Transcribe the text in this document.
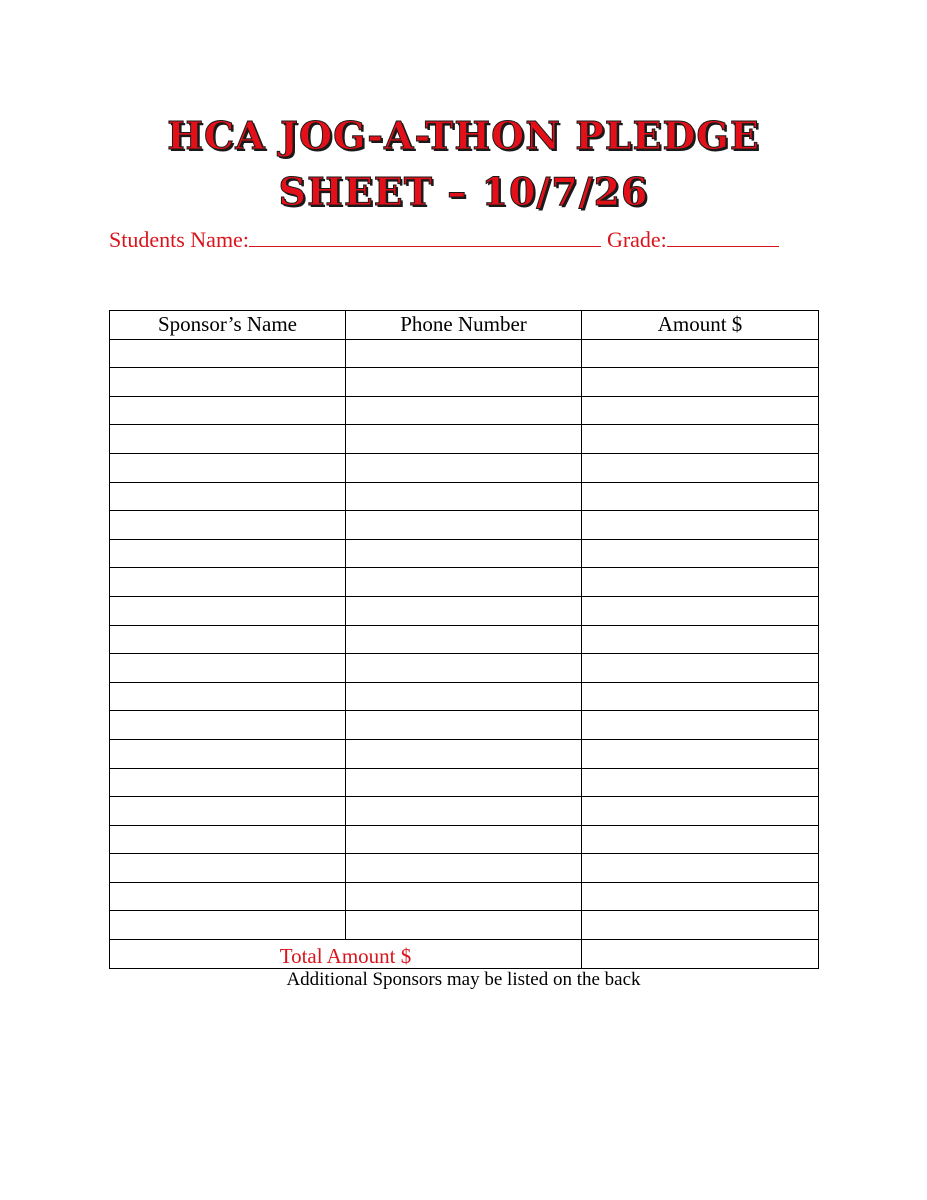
HCA JOG-A-THON PLEDGE
SHEET – 10/7/26
Students Name:	Grade:
Sponsor’s Name	Phone Number	Amount $

Total Amount $		
Additional Sponsors may be listed on the back
